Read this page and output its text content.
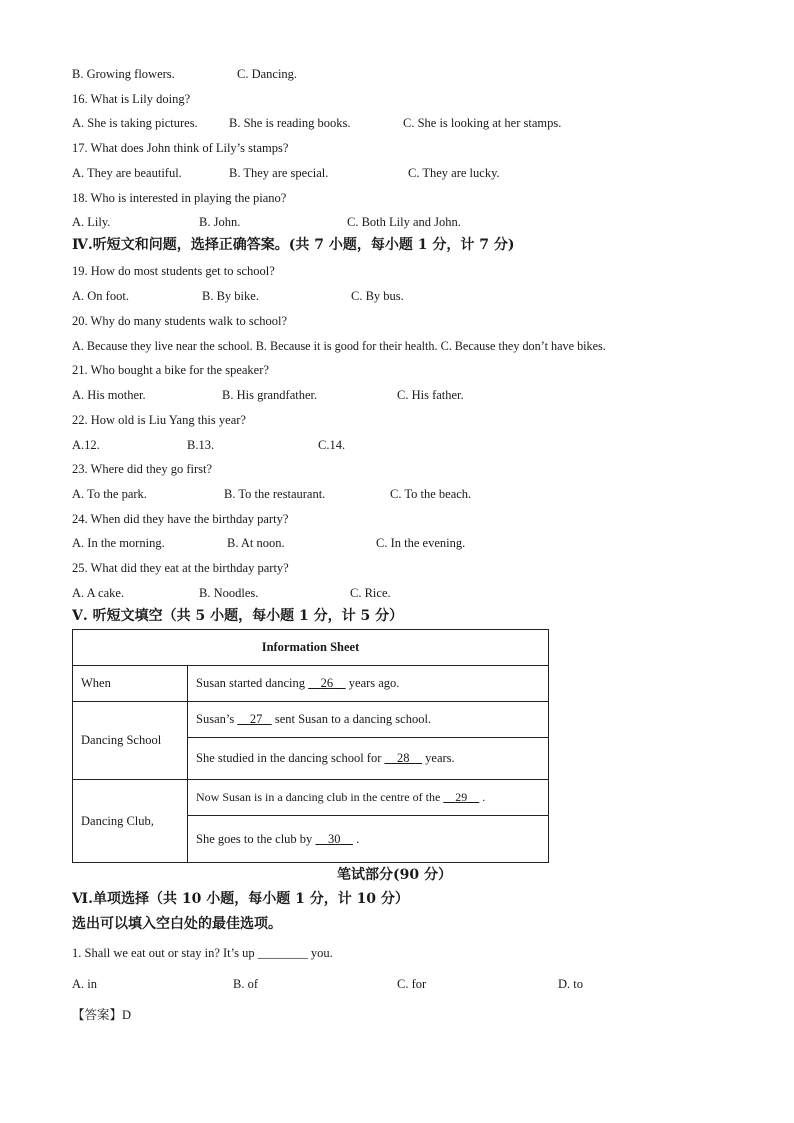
B. Growing flowers.	C. Dancing.
16. What is Lily doing?
A. She is taking pictures.	B. She is reading books.	C. She is looking at her stamps.
17. What does John think of Lily’s stamps?
A. They are beautiful.	B. They are special.	C. They are lucky.
18. Who is interested in playing the piano?
A. Lily.	B. John.	C. Both Lily and John.
Ⅳ.听短文和问题，选择正确答案。(共 7 小题，每小题 1 分，计 7 分)
19. How do most students get to school?
A. On foot.	B. By bike.	C. By bus.
20. Why do many students walk to school?
A. Because they live near the school. B. Because it is good for their health. C. Because they don’t have bikes.
21. Who bought a bike for the speaker?
A. His mother.	B. His grandfather.	C. His father.
22. How old is Liu Yang this year?
A.12.	B.13.	C.14.
23. Where did they go first?
A. To the park.	B. To the restaurant.	C. To the beach.
24. When did they have the birthday party?
A. In the morning.	B. At noon.	C. In the evening.
25. What did they eat at the birthday party?
A. A cake.	B. Noodles.	C. Rice.
Ⅴ. 听短文填空（共 5 小题，每小题 1 分，计 5 分）
Information Sheet	
When	Susan started dancing 26 years ago.
Dancing School	Susan’s 27 sent Susan to a dancing school.
	She studied in the dancing school for 28 years.
Dancing Club,	Now Susan is in a dancing club in the centre of the 29 .
	She goes to the club by 30 .
笔试部分(90 分）
Ⅵ.单项选择（共 10 小题，每小题 1 分，计 10 分）
选出可以填入空白处的最佳选项。
1. Shall we eat out or stay in? It’s up ________ you.
A. in	B. of	C. for	D. to
【答案】D
